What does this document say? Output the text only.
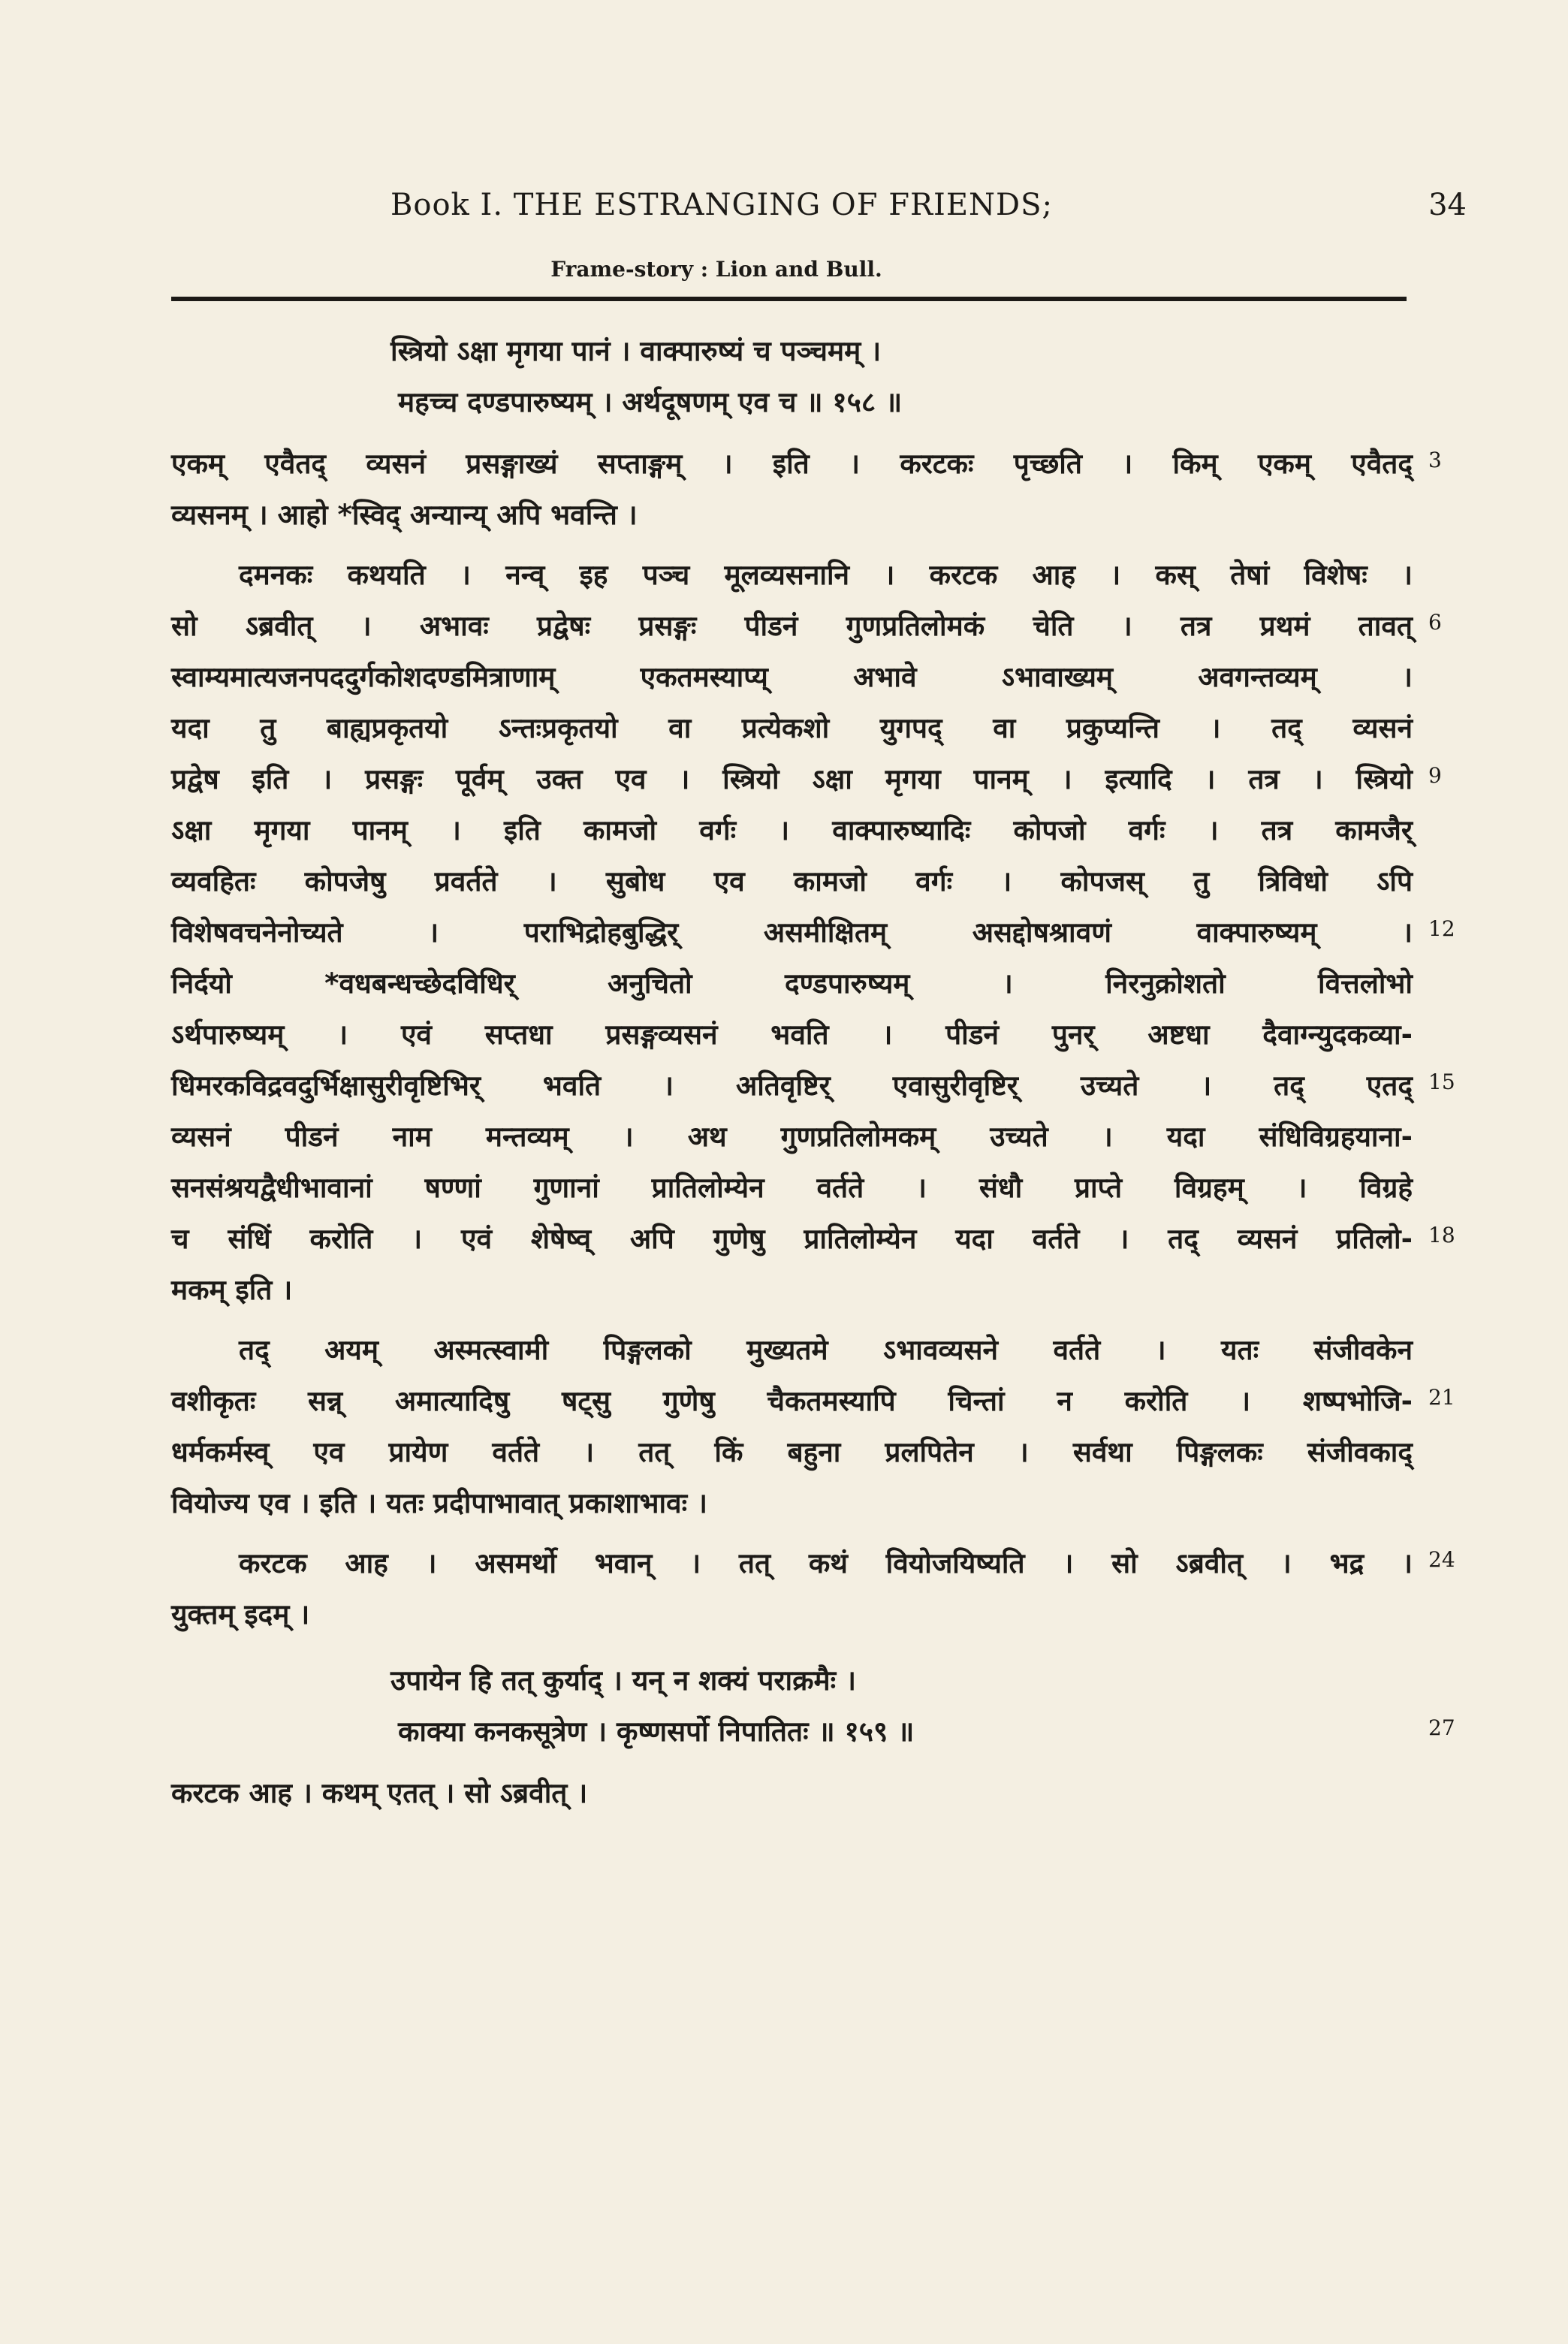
Book I. THE ESTRANGING OF FRIENDS;	34
Frame-story : Lion and Bull.
स्त्रियो ऽक्षा मृगया पानं । वाक्पारुष्यं च पञ्चमम् ।
महच्च दण्डपारुष्यम् । अर्थदूषणम् एव च ॥ १५८ ॥
एकम् एवैतद् व्यसनं प्रसङ्गाख्यं सप्ताङ्गम् । इति । करटकः पृच्छति । किम् एकम् एवैतद् 3
व्यसनम् । आहो *स्विद् अन्यान्य् अपि भवन्ति ।
दमनकः कथयति । नन्व् इह पञ्च मूलव्यसनानि । करटक आह । कस् तेषां विशेषः ।
सो ऽब्रवीत् । अभावः प्रद्वेषः प्रसङ्गः पीडनं गुणप्रतिलोमकं चेति । तत्र प्रथमं तावत् 6
स्वाम्यमात्यजनपददुर्गकोशदण्डमित्राणाम् एकतमस्याप्य् अभावे ऽभावाख्यम् अवगन्तव्यम् ।
यदा तु बाह्यप्रकृतयो ऽन्तःप्रकृतयो वा प्रत्येकशो युगपद् वा प्रकुप्यन्ति । तद् व्यसनं
प्रद्वेष इति । प्रसङ्गः पूर्वम् उक्त एव । स्त्रियो ऽक्षा मृगया पानम् । इत्यादि । तत्र । स्त्रियो 9
ऽक्षा मृगया पानम् । इति कामजो वर्गः । वाक्पारुष्यादिः कोपजो वर्गः । तत्र कामजैर्
व्यवहितः कोपजेषु प्रवर्तते । सुबोध एव कामजो वर्गः । कोपजस् तु त्रिविधो ऽपि
विशेषवचनेनोच्यते । पराभिद्रोहबुद्धिर् असमीक्षितम् असद्दोषश्रावणं वाक्पारुष्यम् । 12
निर्दयो *वधबन्धच्छेदविधिर् अनुचितो दण्डपारुष्यम् । निरनुक्रोशतो वित्तलोभो
ऽर्थपारुष्यम् । एवं सप्तधा प्रसङ्गव्यसनं भवति । पीडनं पुनर् अष्टधा दैवाग्न्युदकव्या-
धिमरकविद्रवदुर्भिक्षासुरीवृष्टिभिर् भवति । अतिवृष्टिर् एवासुरीवृष्टिर् उच्यते । तद् एतद् 15
व्यसनं पीडनं नाम मन्तव्यम् । अथ गुणप्रतिलोमकम् उच्यते । यदा संधिविग्रहयाना-
सनसंश्रयद्वैधीभावानां षण्णां गुणानां प्रातिलोम्येन वर्तते । संधौ प्राप्ते विग्रहम् । विग्रहे
च संधिं करोति । एवं शेषेष्व् अपि गुणेषु प्रातिलोम्येन यदा वर्तते । तद् व्यसनं प्रतिलो- 18
मकम् इति ।
तद् अयम् अस्मत्स्वामी पिङ्गलको मुख्यतमे ऽभावव्यसने वर्तते । यतः संजीवकेन
वशीकृतः सन्न् अमात्यादिषु षट्सु गुणेषु चैकतमस्यापि चिन्तां न करोति । शष्पभोजि- 21
धर्मकर्मस्व् एव प्रायेण वर्तते । तत् किं बहुना प्रलपितेन । सर्वथा पिङ्गलकः संजीवकाद्
वियोज्य एव । इति । यतः प्रदीपाभावात् प्रकाशाभावः ।
करटक आह । असमर्थो भवान् । तत् कथं वियोजयिष्यति । सो ऽब्रवीत् । भद्र । 24
युक्तम् इदम् ।
उपायेन हि तत् कुर्याद् । यन् न शक्यं पराक्रमैः ।
काक्या कनकसूत्रेण । कृष्णसर्पो निपातितः ॥ १५९ ॥	27
करटक आह । कथम् एतत् । सो ऽब्रवीत् ।
